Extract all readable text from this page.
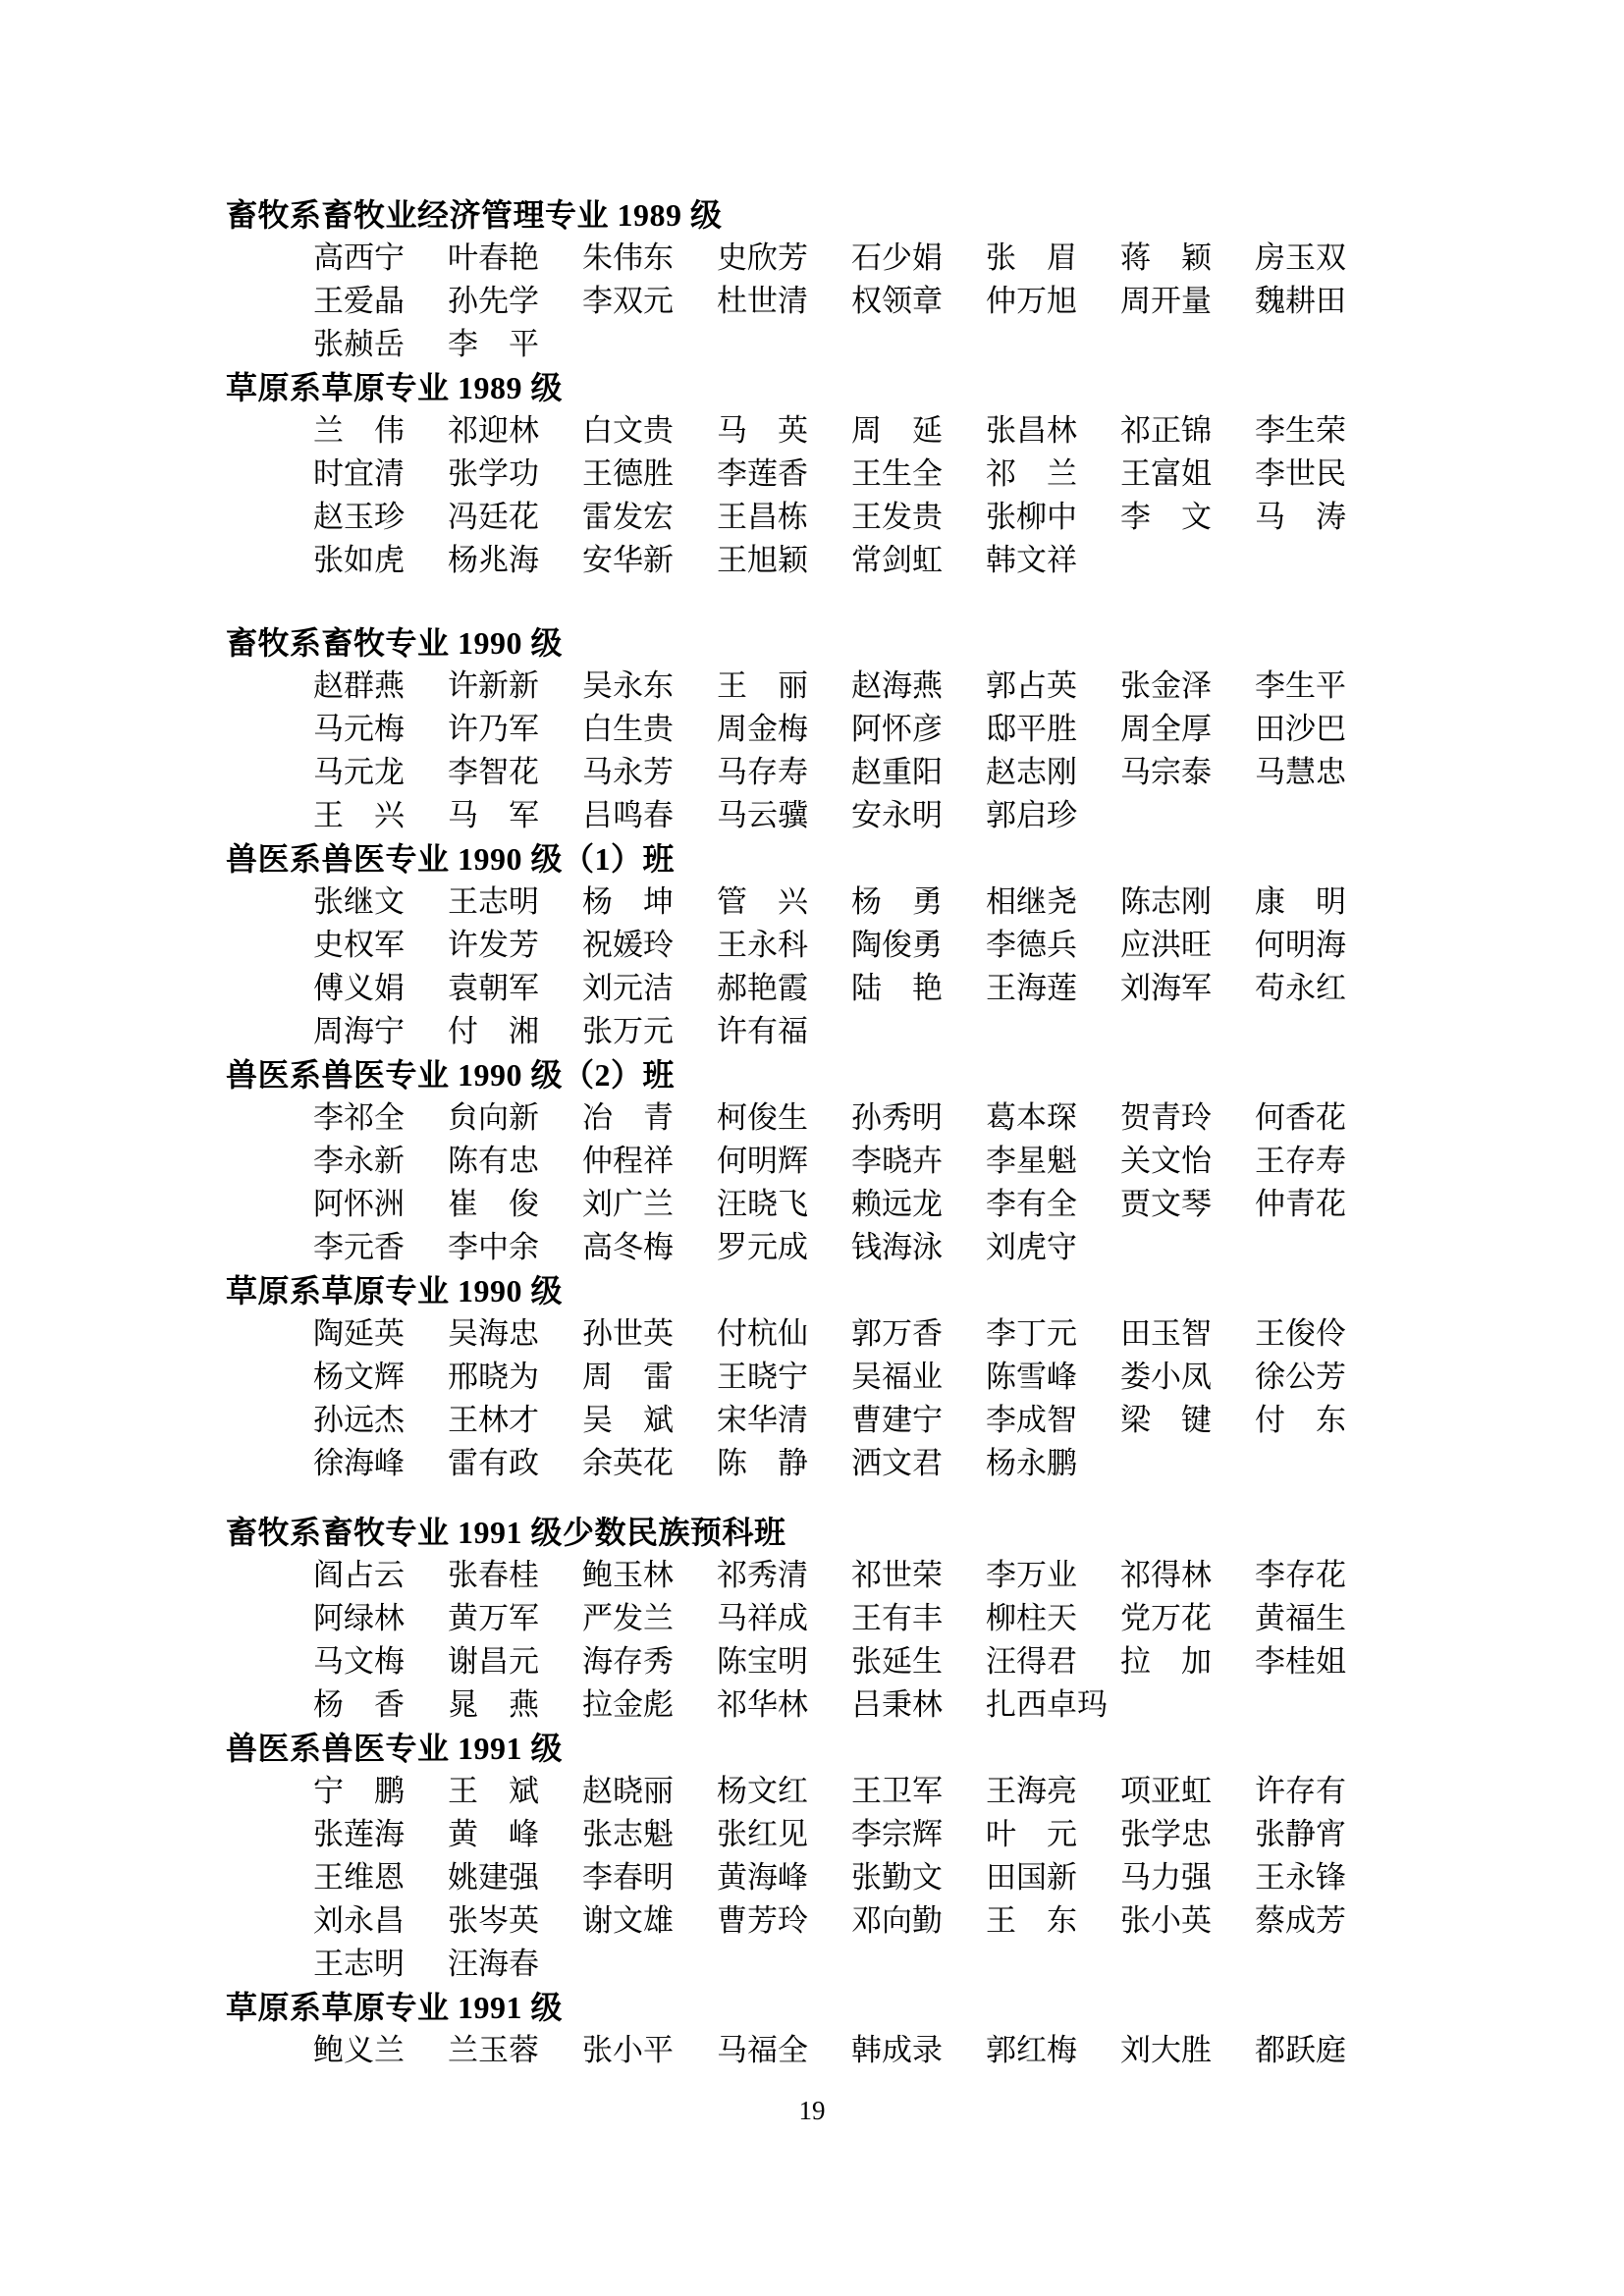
畜牧系畜牧业经济管理专业 1989 级
高西宁 叶春艳 朱伟东 史欣芳 石少娟 张　眉 蒋　颖 房玉双
王爱晶 孙先学 李双元 杜世清 权领章 仲万旭 周开量 魏耕田
张赪岳 李　平
草原系草原专业 1989 级
兰　伟 祁迎林 白文贵 马　英 周　延 张昌林 祁正锦 李生荣
时宜清 张学功 王德胜 李莲香 王生全 祁　兰 王富姐 李世民
赵玉珍 冯廷花 雷发宏 王昌栋 王发贵 张柳中 李　文 马　涛
张如虎 杨兆海 安华新 王旭颖 常剑虹 韩文祥
畜牧系畜牧专业 1990 级
赵群燕 许新新 吴永东 王　丽 赵海燕 郭占英 张金泽 李生平
马元梅 许乃军 白生贵 周金梅 阿怀彦 邸平胜 周全厚 田沙巴
马元龙 李智花 马永芳 马存寿 赵重阳 赵志刚 马宗泰 马慧忠
王　兴 马　军 吕鸣春 马云骥 安永明 郭启珍
兽医系兽医专业 1990 级（1）班
张继文 王志明 杨　坤 管　兴 杨　勇 相继尧 陈志刚 康　明
史权军 许发芳 祝媛玲 王永科 陶俊勇 李德兵 应洪旺 何明海
傅义娟 袁朝军 刘元洁 郝艳霞 陆　艳 王海莲 刘海军 苟永红
周海宁 付　湘 张万元 许有福
兽医系兽医专业 1990 级（2）班
李祁全 贠向新 冶　青 柯俊生 孙秀明 葛本琛 贺青玲 何香花
李永新 陈有忠 仲程祥 何明辉 李晓卉 李星魁 关文怡 王存寿
阿怀洲 崔　俊 刘广兰 汪晓飞 赖远龙 李有全 贾文琴 仲青花
李元香 李中余 高冬梅 罗元成 钱海泳 刘虎守
草原系草原专业 1990 级
陶延英 吴海忠 孙世英 付杭仙 郭万香 李丁元 田玉智 王俊伶
杨文辉 邢晓为 周　雷 王晓宁 吴福业 陈雪峰 娄小凤 徐公芳
孙远杰 王林才 吴　斌 宋华清 曹建宁 李成智 梁　键 付　东
徐海峰 雷有政 余英花 陈　静 洒文君 杨永鹏
畜牧系畜牧专业 1991 级少数民族预科班
阎占云 张春桂 鲍玉林 祁秀清 祁世荣 李万业 祁得林 李存花
阿绿林 黄万军 严发兰 马祥成 王有丰 柳柱天 党万花 黄福生
马文梅 谢昌元 海存秀 陈宝明 张延生 汪得君 拉　加 李桂姐
杨　香 晁　燕 拉金彪 祁华林 吕秉林 扎西卓玛
兽医系兽医专业 1991 级
宁　鹏 王　斌 赵晓丽 杨文红 王卫军 王海亮 项亚虹 许存有
张莲海 黄　峰 张志魁 张红见 李宗辉 叶　元 张学忠 张静宵
王维恩 姚建强 李春明 黄海峰 张勤文 田国新 马力强 王永锋
刘永昌 张岑英 谢文雄 曹芳玲 邓向勤 王　东 张小英 蔡成芳
王志明 汪海春
草原系草原专业 1991 级
鲍义兰 兰玉蓉 张小平 马福全 韩成录 郭红梅 刘大胜 都跃庭
19
